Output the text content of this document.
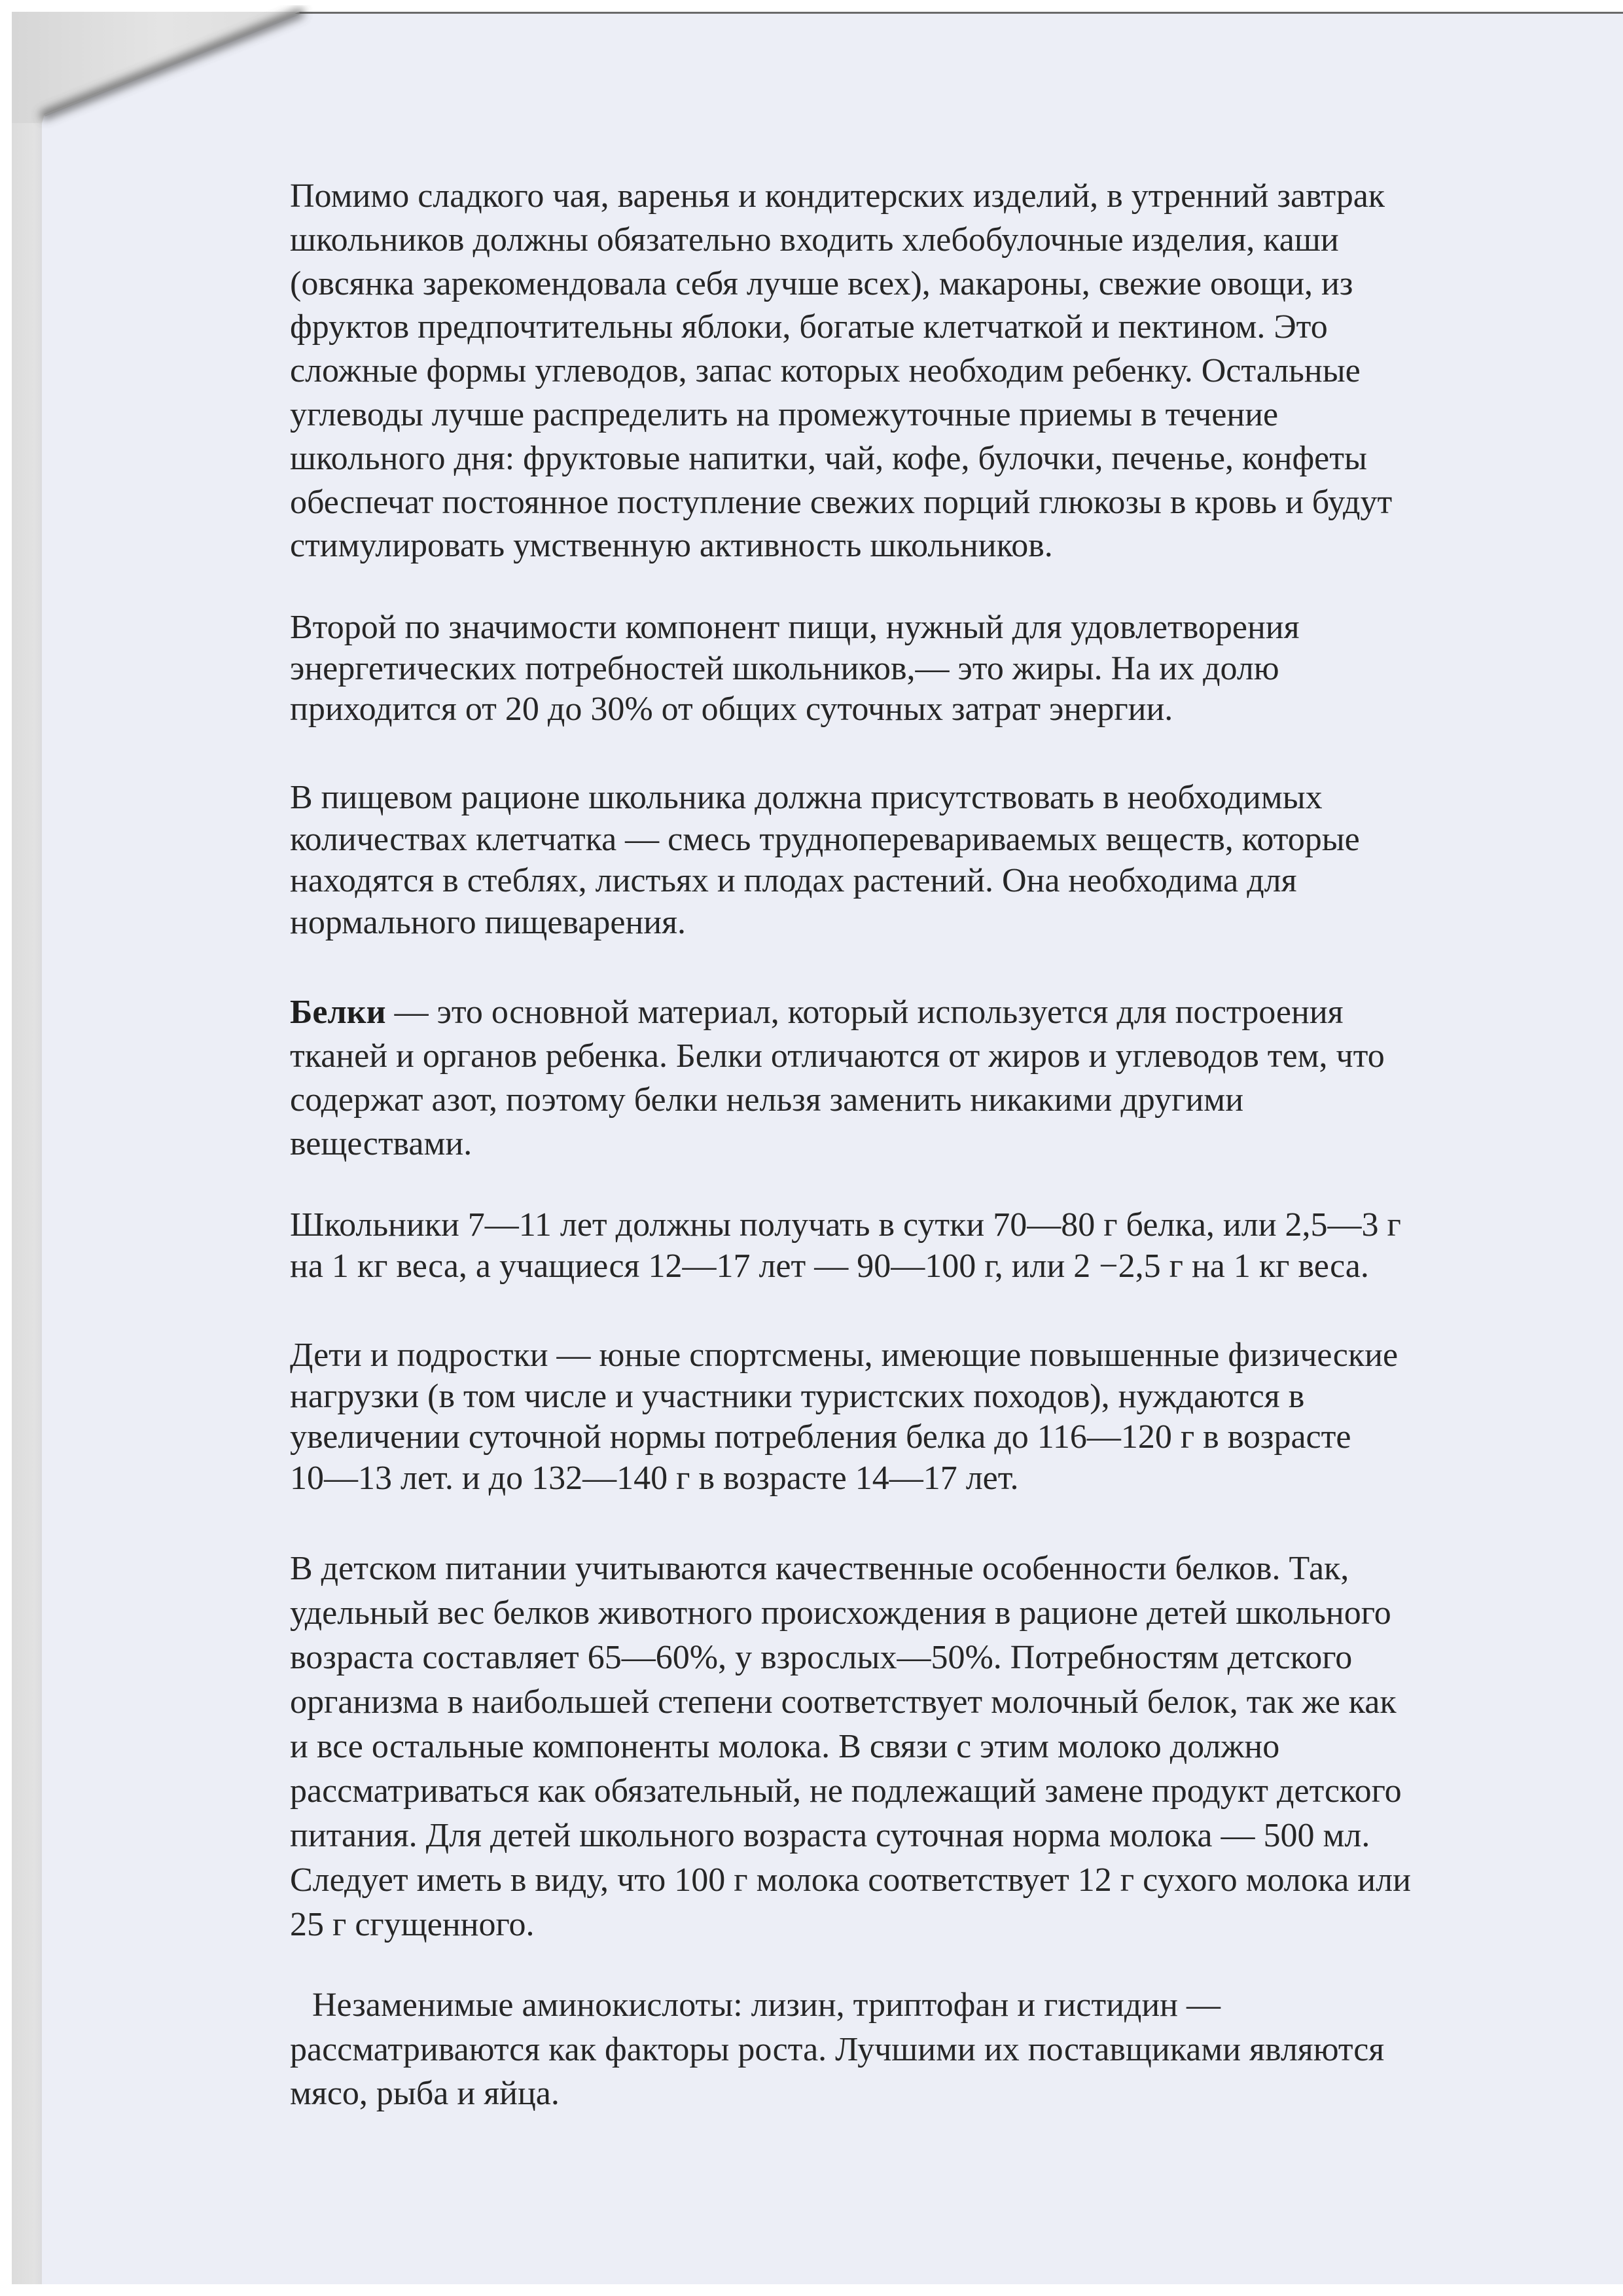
Помимо сладкого чая, варенья и кондитерских изделий, в утренний завтрак
школьников должны обязательно входить хлебобулочные изделия, каши
(овсянка зарекомендовала себя лучше всех), макароны, свежие овощи, из
фруктов предпочтительны яблоки, богатые клетчаткой и пектином. Это
сложные формы углеводов, запас которых необходим ребенку. Остальные
углеводы лучше распределить на промежуточные приемы в течение
школьного дня: фруктовые напитки, чай, кофе, булочки, печенье, конфеты
обеспечат постоянное поступление свежих порций глюкозы в кровь и будут
стимулировать умственную активность школьников.
Второй по значимости компонент пищи, нужный для удовлетворения
энергетических потребностей школьников,— это жиры. На их долю
приходится от 20 до 30% от общих суточных затрат энергии.
В пищевом рационе школьника должна присутствовать в необходимых
количествах клетчатка — смесь трудноперевариваемых веществ, которые
находятся в стеблях, листьях и плодах растений. Она необходима для
нормального пищеварения.
Белки — это основной материал, который используется для построения
тканей и органов ребенка. Белки отличаются от жиров и углеводов тем, что
содержат азот, поэтому белки нельзя заменить никакими другими
веществами.
Школьники 7—11 лет должны получать в сутки 70—80 г белка, или 2,5—3 г
на 1 кг веса, а учащиеся 12—17 лет — 90—100 г, или 2 −2,5 г на 1 кг веса.
Дети и подростки — юные спортсмены, имеющие повышенные физические
нагрузки (в том числе и участники туристских походов), нуждаются в
увеличении суточной нормы потребления белка до 116—120 г в возрасте
10—13 лет. и до 132—140 г в возрасте 14—17 лет.
В детском питании учитываются качественные особенности белков. Так,
удельный вес белков животного происхождения в рационе детей школьного
возраста составляет 65—60%, у взрослых—50%. Потребностям детского
организма в наибольшей степени соответствует молочный белок, так же как
и все остальные компоненты молока. В связи с этим молоко должно
рассматриваться как обязательный, не подлежащий замене продукт детского
питания. Для детей школьного возраста суточная норма молока — 500 мл.
Следует иметь в виду, что 100 г молока соответствует 12 г сухого молока или
25 г сгущенного.
Незаменимые аминокислоты: лизин, триптофан и гистидин —
рассматриваются как факторы роста. Лучшими их поставщиками являются
мясо, рыба и яйца.
